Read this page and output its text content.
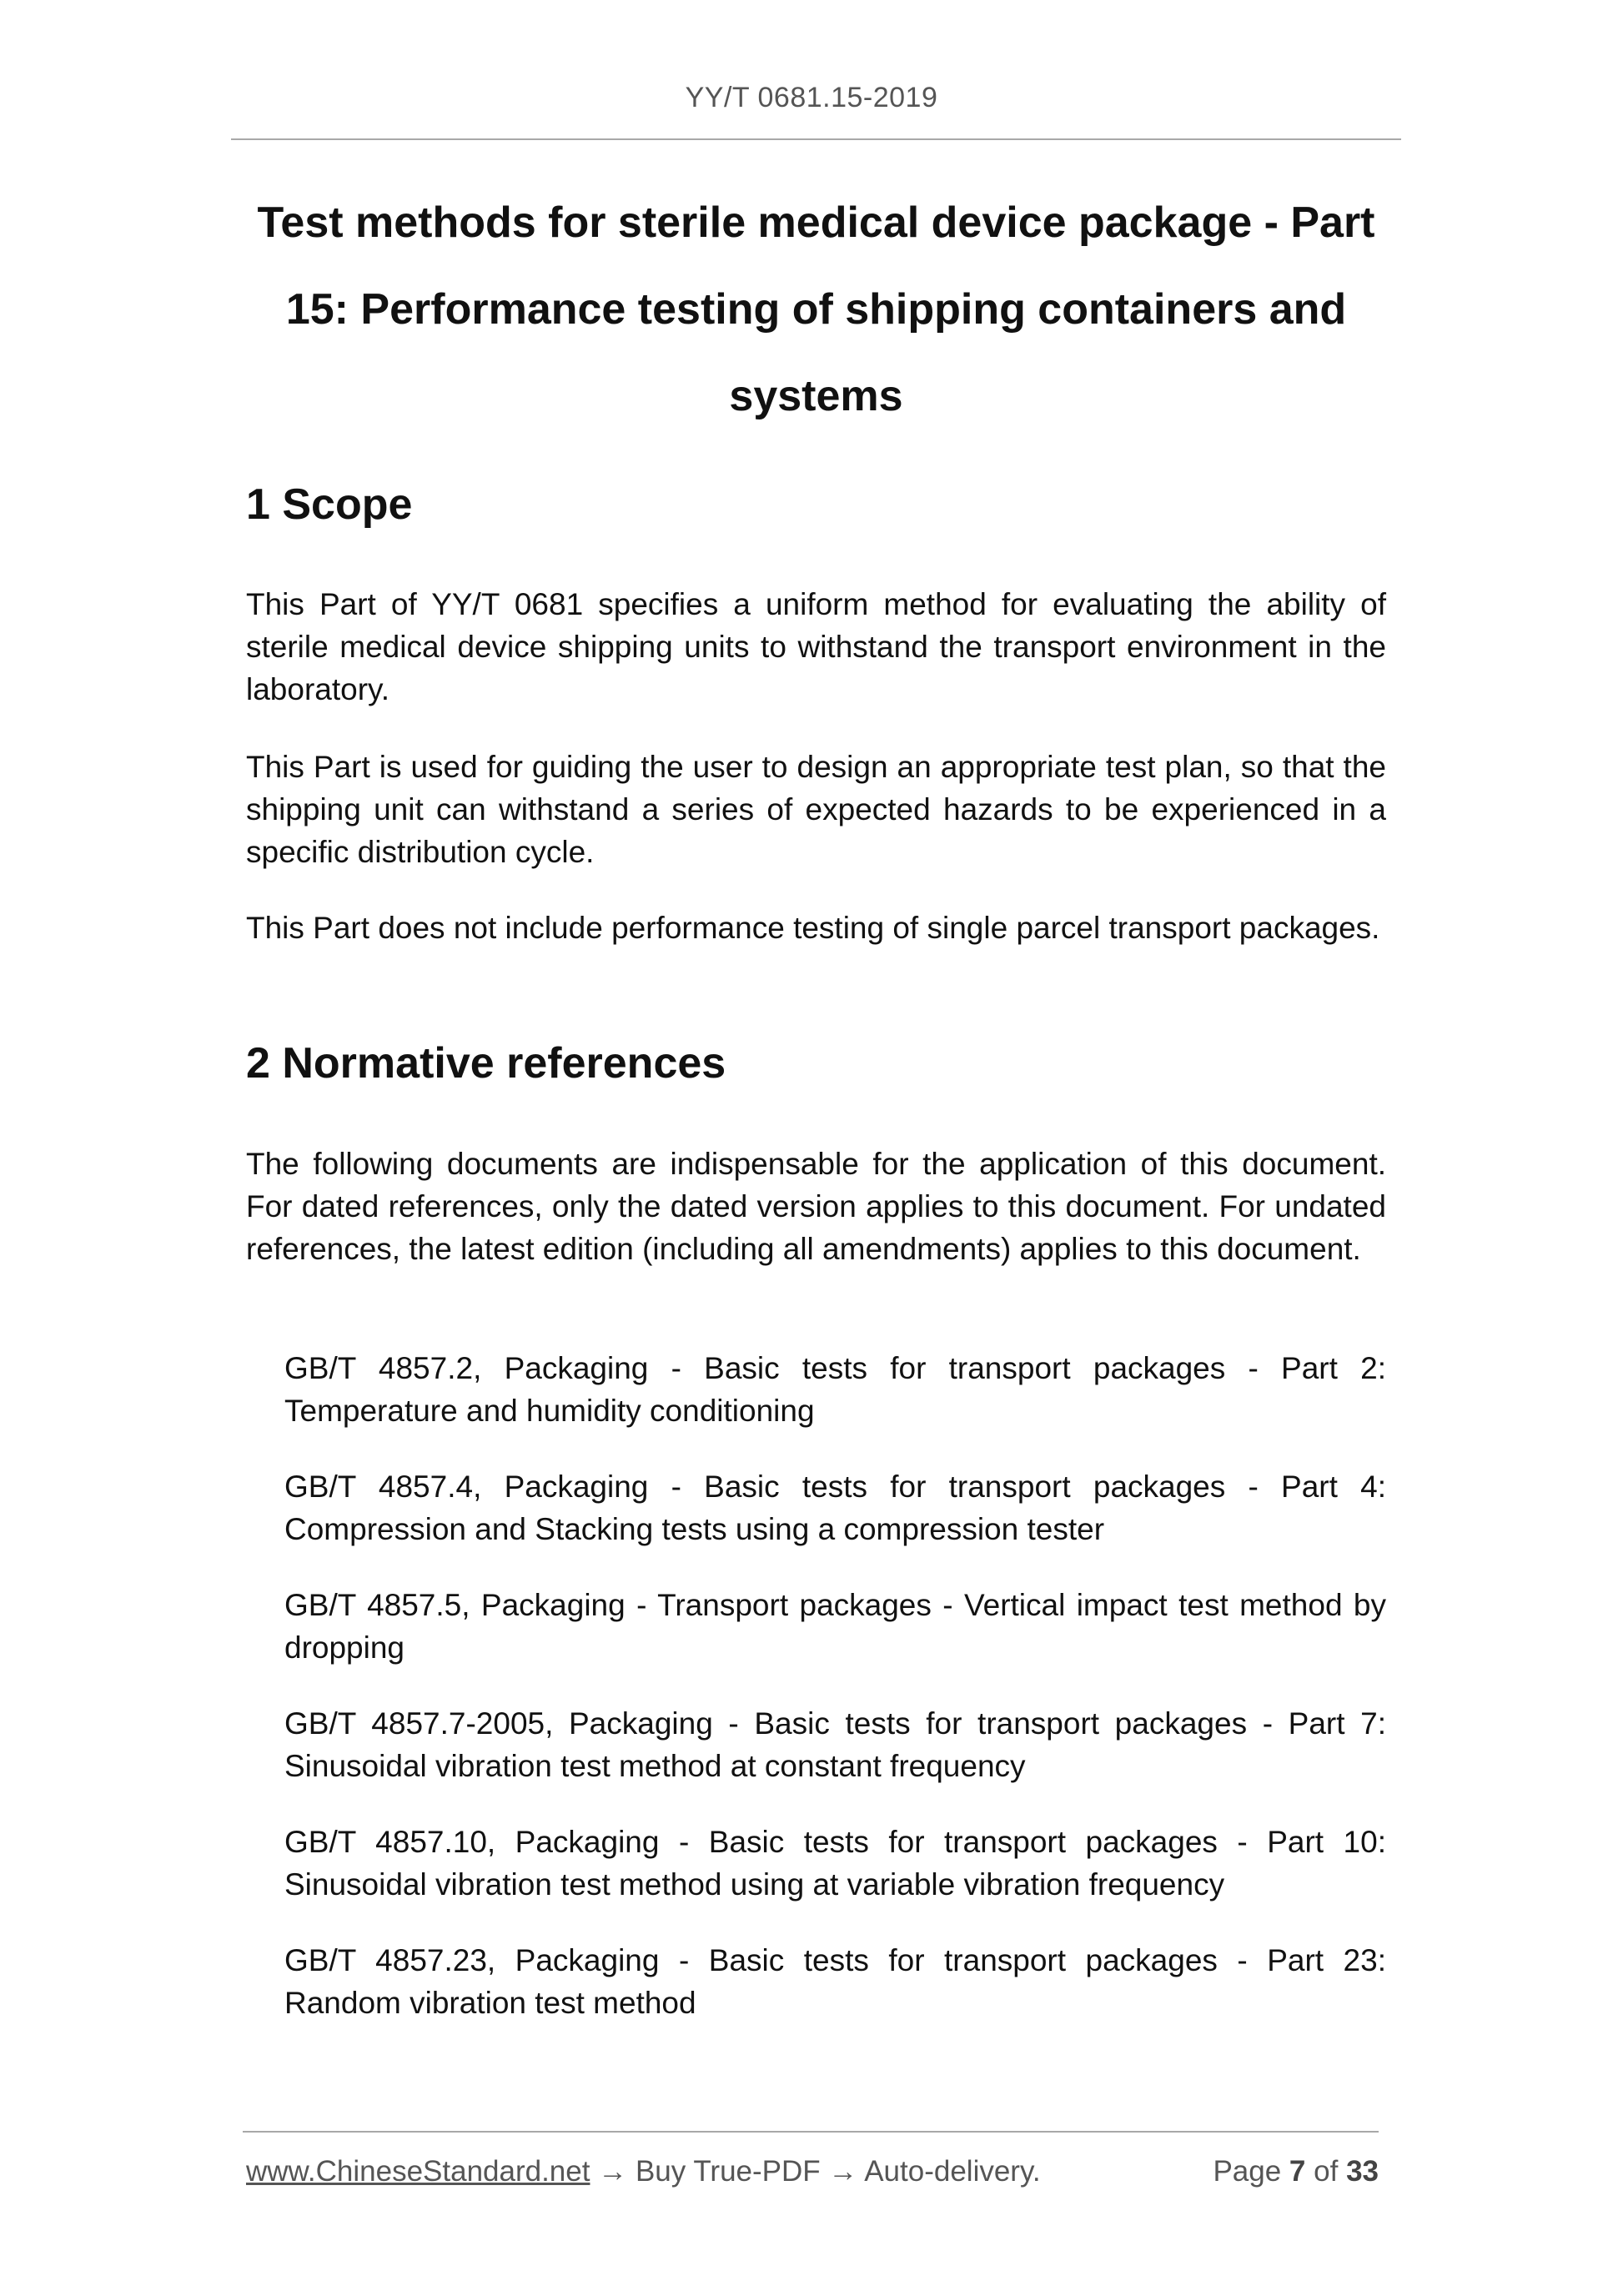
YY/T 0681.15-2019
Test methods for sterile medical device package - Part
15: Performance testing of shipping containers and
systems
1 Scope

This Part of YY/T 0681 specifies a uniform method for evaluating the ability of sterile medical device shipping units to withstand the transport environment in the laboratory.

This Part is used for guiding the user to design an appropriate test plan, so that the shipping unit can withstand a series of expected hazards to be experienced in a specific distribution cycle.

This Part does not include performance testing of single parcel transport packages.

2 Normative references

The following documents are indispensable for the application of this document. For dated references, only the dated version applies to this document. For undated references, the latest edition (including all amendments) applies to this document.

GB/T 4857.2, Packaging - Basic tests for transport packages - Part 2: Temperature and humidity conditioning

GB/T 4857.4, Packaging - Basic tests for transport packages - Part 4: Compression and Stacking tests using a compression tester

GB/T 4857.5, Packaging - Transport packages - Vertical impact test method by dropping

GB/T 4857.7-2005, Packaging - Basic tests for transport packages - Part 7: Sinusoidal vibration test method at constant frequency

GB/T 4857.10, Packaging - Basic tests for transport packages - Part 10: Sinusoidal vibration test method using at variable vibration frequency

GB/T 4857.23, Packaging - Basic tests for transport packages - Part 23: Random vibration test method

www.ChineseStandard.net → Buy True-PDF → Auto-delivery.	Page 7 of 33
